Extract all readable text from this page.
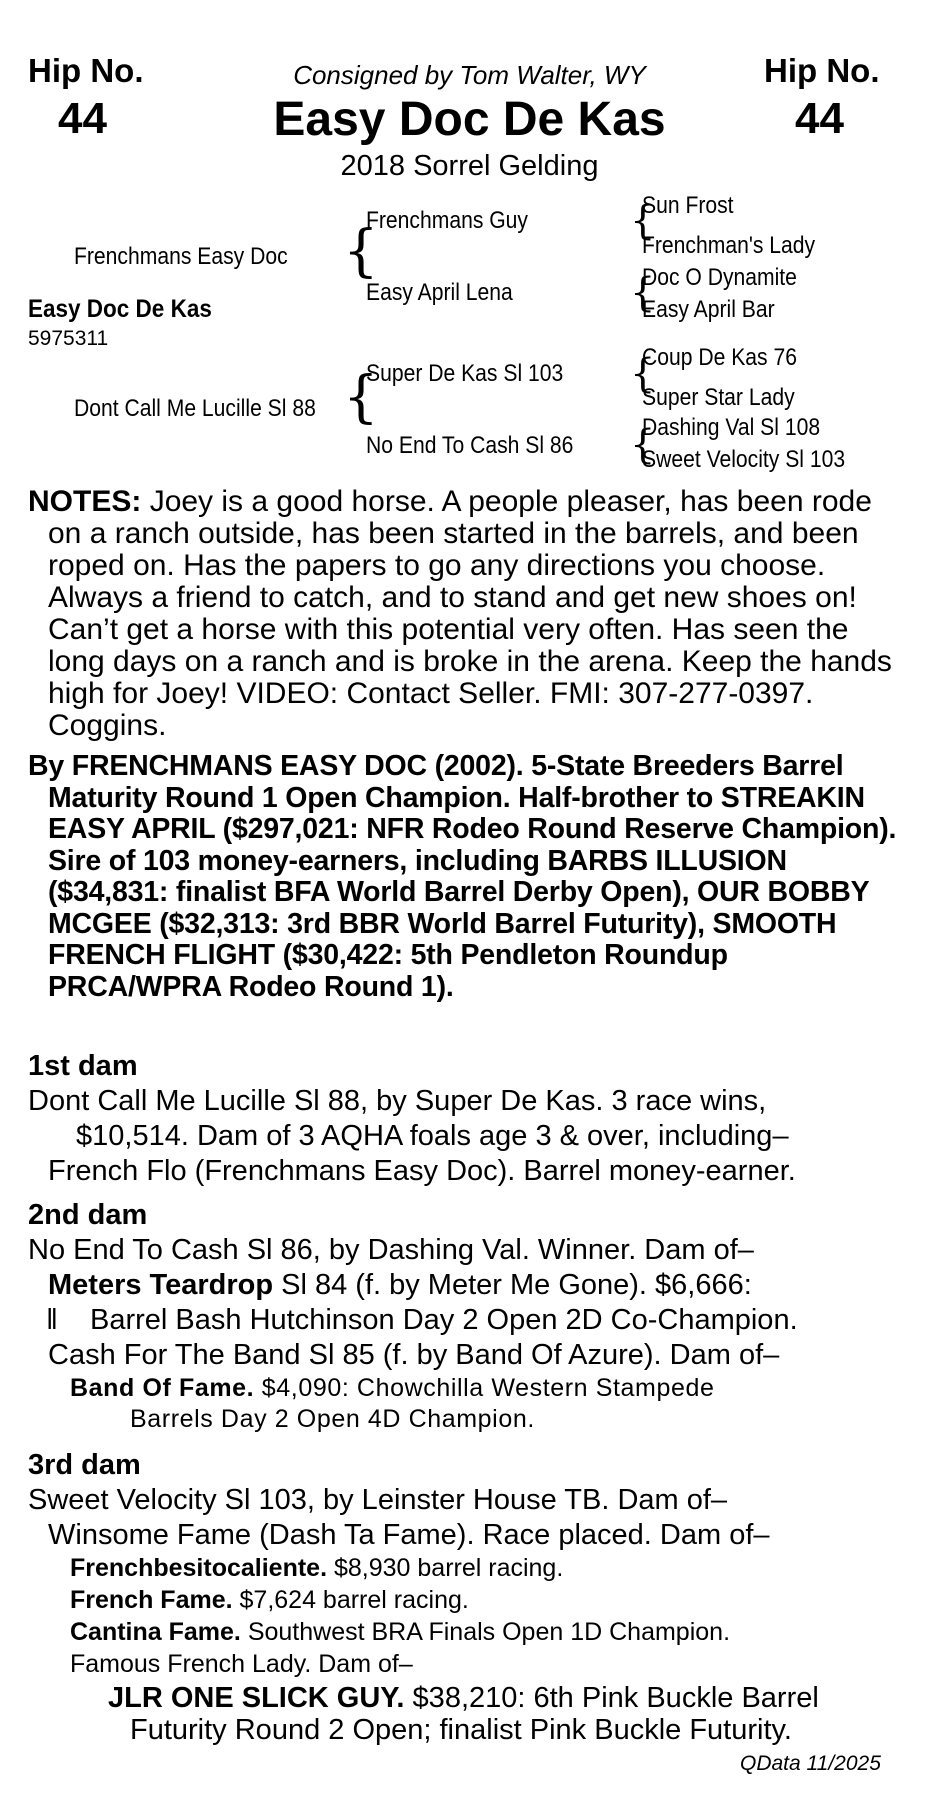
Hip No.
44
Hip No.
44
Consigned by Tom Walter, WY
Easy Doc De Kas
2018 Sorrel Gelding
Easy Doc De Kas
5975311
Frenchmans Easy Doc {
Frenchmans Guy
Easy April Lena
{
Sun Frost
Frenchman's Lady
{
Doc O Dynamite
Easy April Bar
Dont Call Me Lucille Sl 88 {
Super De Kas Sl 103
No End To Cash Sl 86
{
Coup De Kas 76
Super Star Lady
{
Dashing Val Sl 108
Sweet Velocity Sl 103

NOTES: Joey is a good horse. A people pleaser, has been rode on a ranch outside, has been started in the barrels, and been roped on. Has the papers to go any directions you choose. Always a friend to catch, and to stand and get new shoes on! Can’t get a horse with this potential very often. Has seen the long days on a ranch and is broke in the arena. Keep the hands high for Joey! VIDEO: Contact Seller. FMI: 307-277-0397. Coggins.

By FRENCHMANS EASY DOC (2002). 5-State Breeders Barrel Maturity Round 1 Open Champion. Half-brother to STREAKIN EASY APRIL ($297,021: NFR Rodeo Round Reserve Champion). Sire of 103 money-earners, including BARBS ILLUSION ($34,831: finalist BFA World Barrel Derby Open), OUR BOBBY MCGEE ($32,313: 3rd BBR World Barrel Futurity), SMOOTH FRENCH FLIGHT ($30,422: 5th Pendleton Roundup PRCA/WPRA Rodeo Round 1).

1st dam
Dont Call Me Lucille Sl 88, by Super De Kas. 3 race wins,
$10,514. Dam of 3 AQHA foals age 3 & over, including–
French Flo (Frenchmans Easy Doc). Barrel money-earner.
2nd dam
No End To Cash Sl 86, by Dashing Val. Winner. Dam of–
Meters Teardrop Sl 84 (f. by Meter Me Gone). $6,666:
‖ Barrel Bash Hutchinson Day 2 Open 2D Co-Champion.
Cash For The Band Sl 85 (f. by Band Of Azure). Dam of–
Band Of Fame. $4,090: Chowchilla Western Stampede
Barrels Day 2 Open 4D Champion.
3rd dam
Sweet Velocity Sl 103, by Leinster House TB. Dam of–
Winsome Fame (Dash Ta Fame). Race placed. Dam of–
Frenchbesitocaliente. $8,930 barrel racing.
French Fame. $7,624 barrel racing.
Cantina Fame. Southwest BRA Finals Open 1D Champion.
Famous French Lady. Dam of–
JLR ONE SLICK GUY. $38,210: 6th Pink Buckle Barrel
Futurity Round 2 Open; finalist Pink Buckle Futurity.
QData 11/2025
